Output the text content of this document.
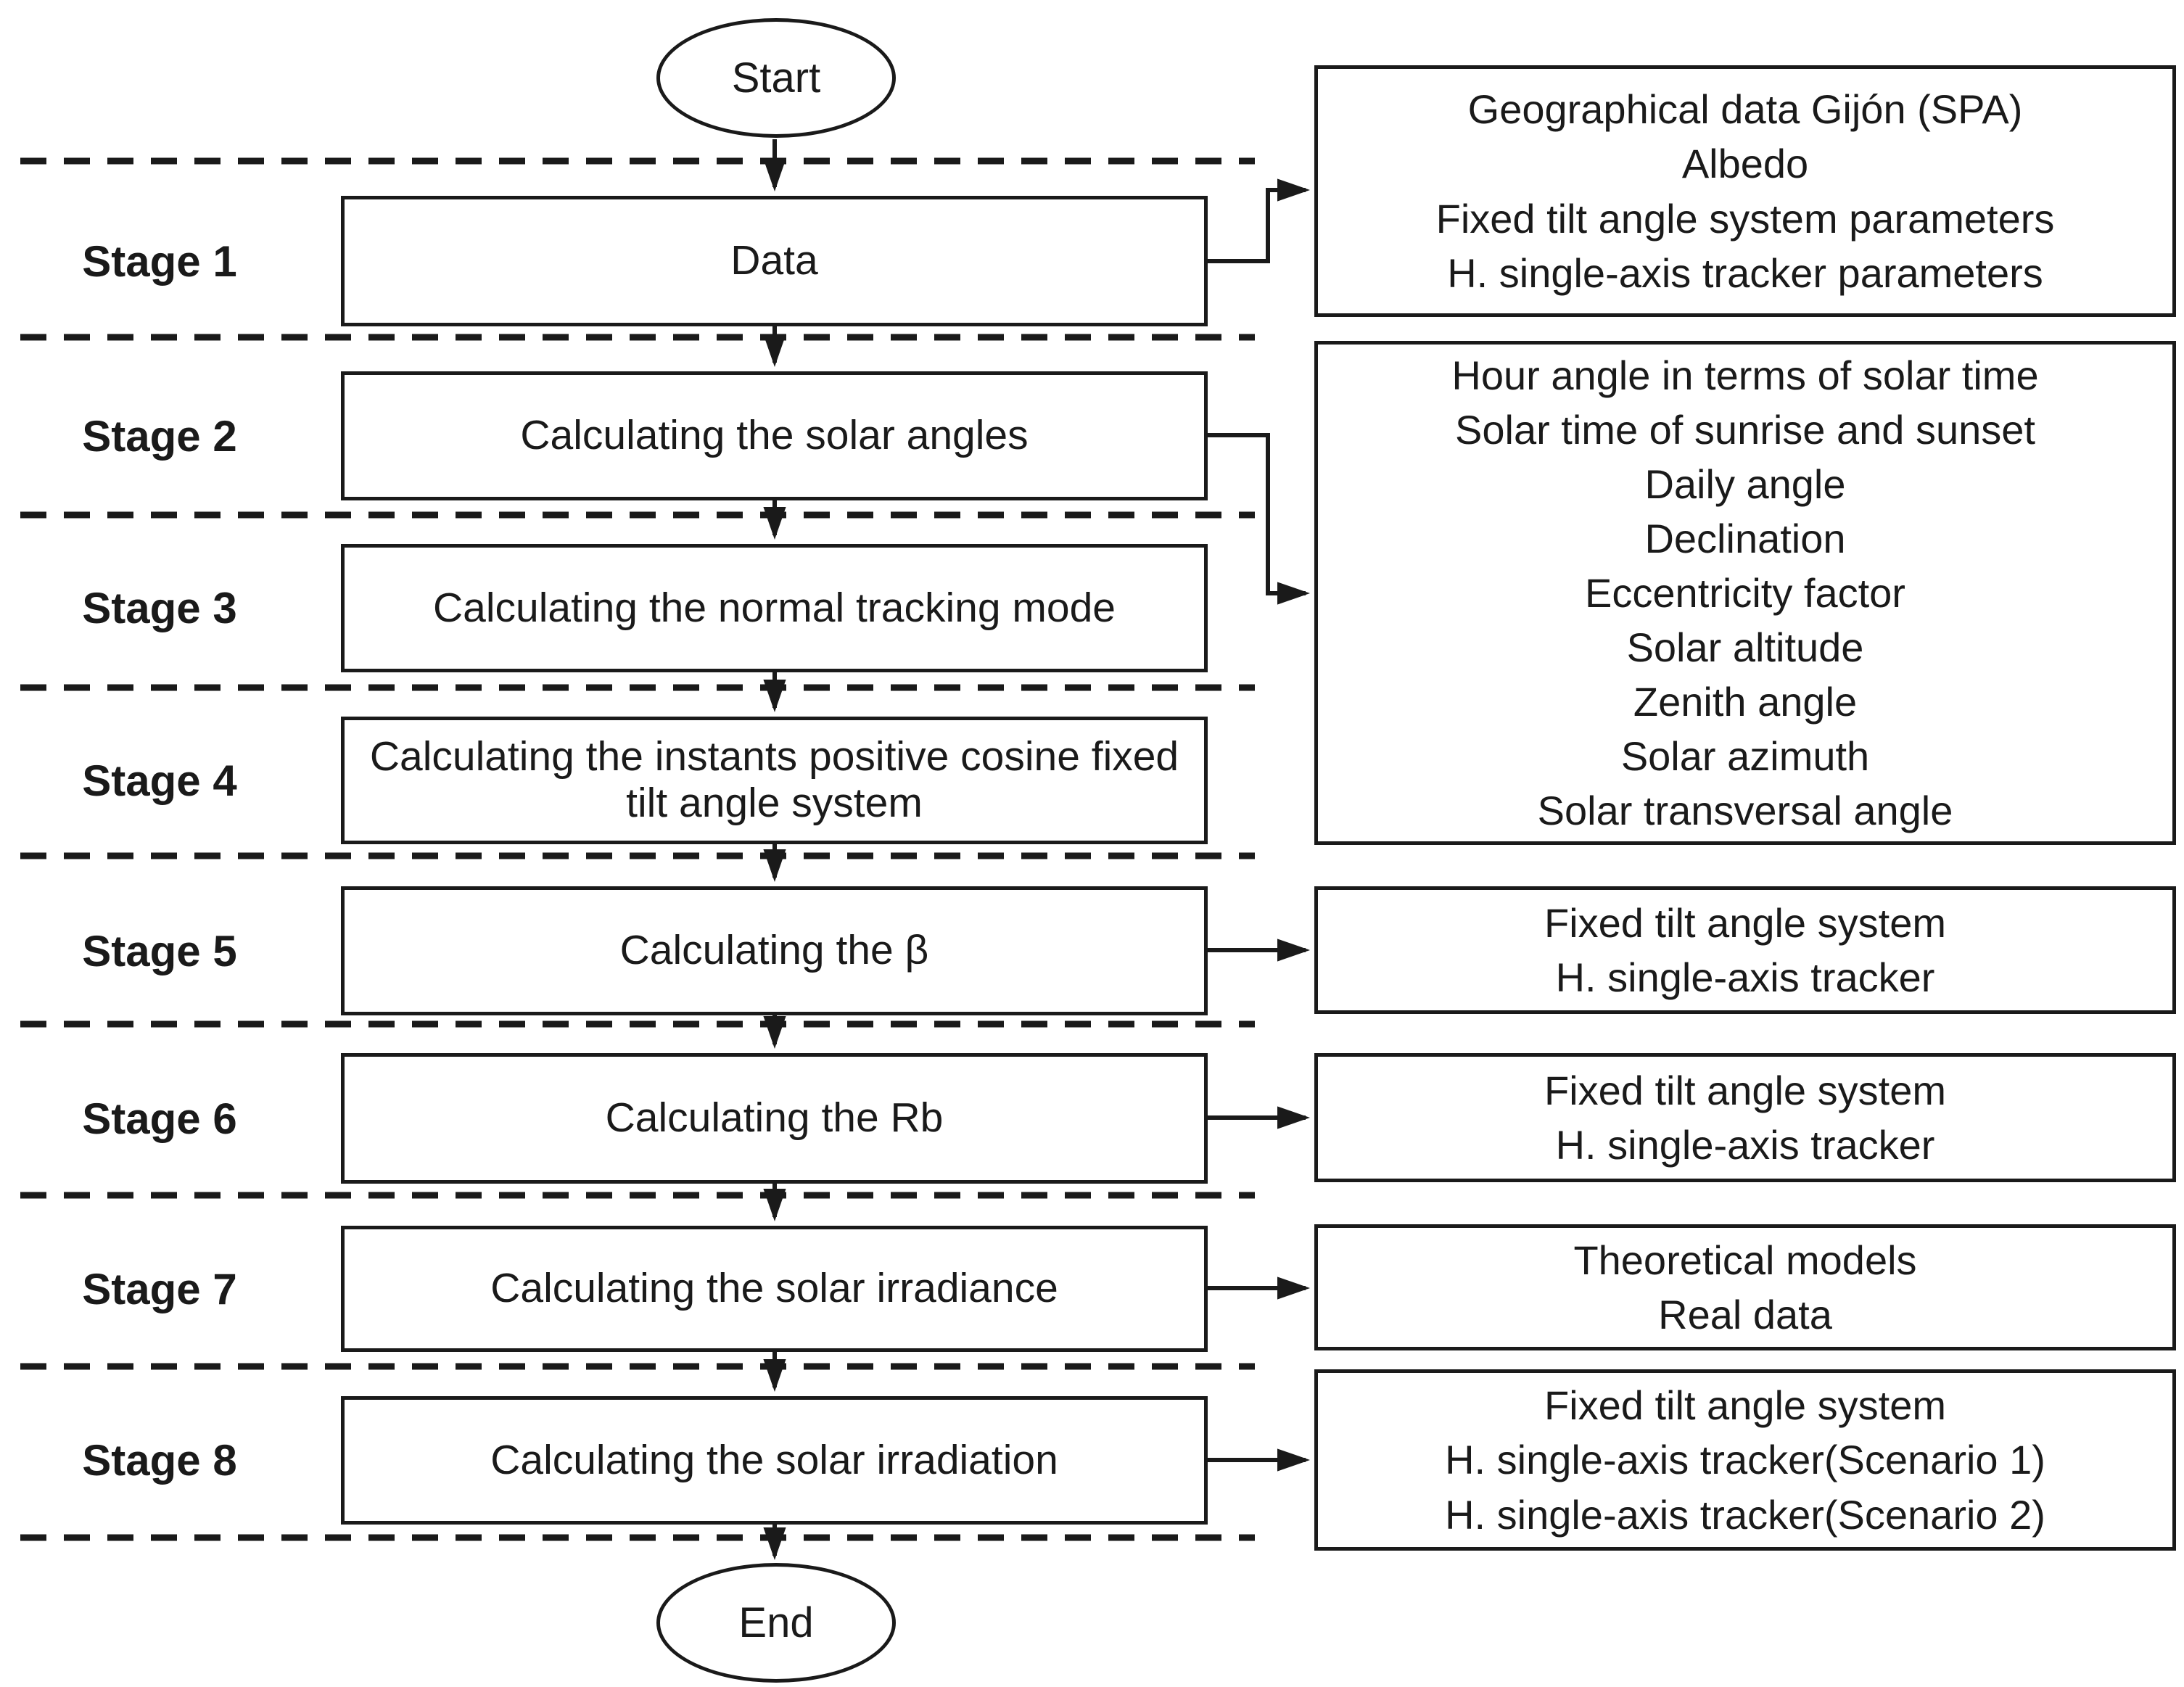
Start
Stage 1
Stage 2
Stage 3
Stage 4
Stage 5
Stage 6
Stage 7
Stage 8
Data
Calculating the solar angles
Calculating the normal tracking mode
Calculating the instants positive cosine fixed tilt angle system
Calculating the β
Calculating the Rb
Calculating the solar irradiance
Calculating the solar irradiation
Geographical data Gijón (SPA)
Albedo
Fixed tilt angle system parameters
H. single-axis tracker parameters
Hour angle in terms of solar time
Solar time of sunrise and sunset
Daily angle
Declination
Eccentricity factor
Solar altitude
Zenith angle
Solar azimuth
Solar transversal angle
Fixed tilt angle system
H. single-axis tracker
Fixed tilt angle system
H. single-axis tracker
Theoretical models
Real data
Fixed tilt angle system
H. single-axis tracker(Scenario 1)
H. single-axis tracker(Scenario 2)
End
